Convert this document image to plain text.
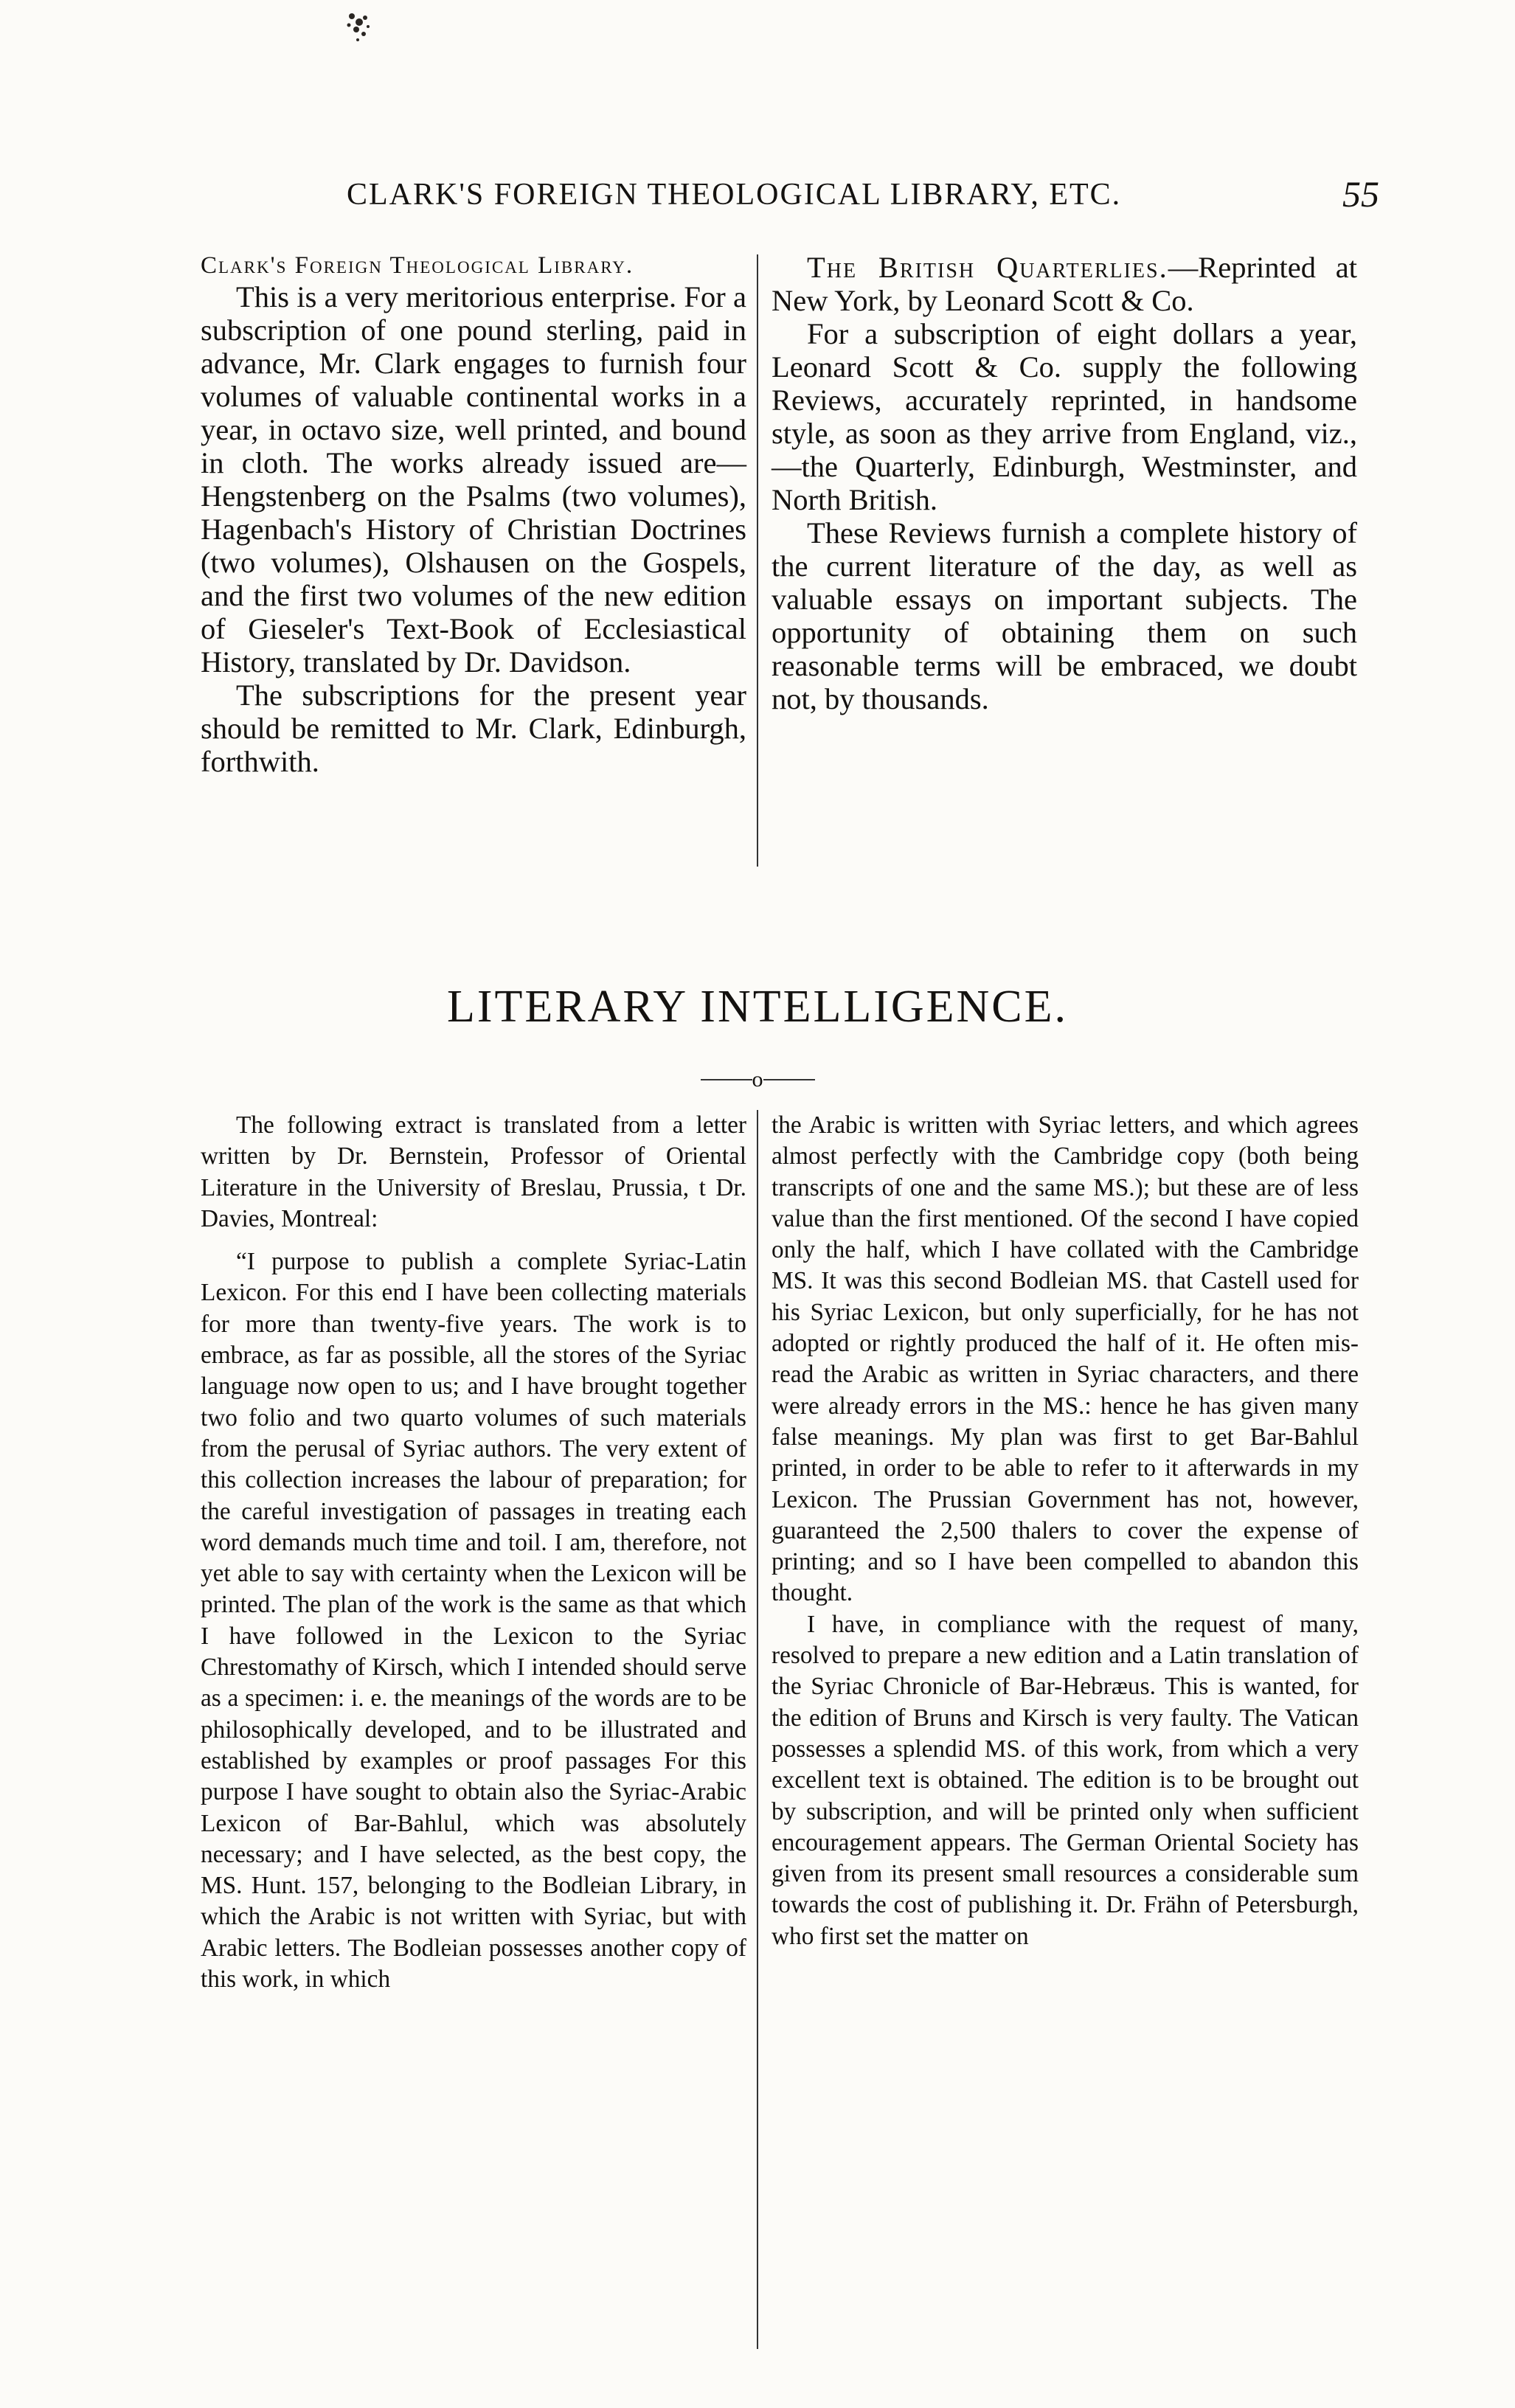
CLARK'S FOREIGN THEOLOGICAL LIBRARY, ETC.	55

Clark's Foreign Theological Library.

This is a very meritorious enterprise. For a subscription of one pound sterling, paid in advance, Mr. Clark engages to furnish four volumes of valuable continental works in a year, in octavo size, well printed, and bound in cloth. The works already issued are—Hengstenberg on the Psalms (two volumes), Hagenbach's History of Christian Doctrines (two volumes), Olshausen on the Gospels, and the first two volumes of the new edition of Gieseler's Text-Book of Ecclesiastical History, translated by Dr. Davidson.

The subscriptions for the present year should be remitted to Mr. Clark, Edinburgh, forthwith.

The British Quarterlies.—Reprinted at New York, by Leonard Scott & Co.

For a subscription of eight dollars a year, Leonard Scott & Co. supply the following Reviews, accurately reprinted, in handsome style, as soon as they arrive from England, viz.,—the Quarterly, Edinburgh, Westminster, and North British.

These Reviews furnish a complete history of the current literature of the day, as well as valuable essays on important subjects. The opportunity of obtaining them on such reasonable terms will be embraced, we doubt not, by thousands.

LITERARY INTELLIGENCE.
o

The following extract is translated from a letter written by Dr. Bernstein, Professor of Oriental Literature in the University of Breslau, Prussia, t Dr. Davies, Montreal:

“I purpose to publish a complete Syriac-Latin Lexicon. For this end I have been collecting materials for more than twenty-five years. The work is to embrace, as far as possible, all the stores of the Syriac language now open to us; and I have brought together two folio and two quarto volumes of such materials from the perusal of Syriac authors. The very extent of this collection increases the labour of preparation; for the careful investigation of passages in treating each word demands much time and toil. I am, therefore, not yet able to say with certainty when the Lexicon will be printed. The plan of the work is the same as that which I have followed in the Lexicon to the Syriac Chrestomathy of Kirsch, which I intended should serve as a specimen: i. e. the meanings of the words are to be philosophically developed, and to be illustrated and established by examples or proof passages For this purpose I have sought to obtain also the Syriac-Arabic Lexicon of Bar-Bahlul, which was absolutely necessary; and I have selected, as the best copy, the MS. Hunt. 157, belonging to the Bodleian Library, in which the Arabic is not written with Syriac, but with Arabic letters. The Bodleian possesses another copy of this work, in which

the Arabic is written with Syriac letters, and which agrees almost perfectly with the Cambridge copy (both being transcripts of one and the same MS.); but these are of less value than the first mentioned. Of the second I have copied only the half, which I have collated with the Cambridge MS. It was this second Bodleian MS. that Castell used for his Syriac Lexicon, but only superficially, for he has not adopted or rightly produced the half of it. He often mis-read the Arabic as written in Syriac characters, and there were already errors in the MS.: hence he has given many false meanings. My plan was first to get Bar-Bahlul printed, in order to be able to refer to it afterwards in my Lexicon. The Prussian Government has not, however, guaranteed the 2,500 thalers to cover the expense of printing; and so I have been compelled to abandon this thought.

I have, in compliance with the request of many, resolved to prepare a new edition and a Latin translation of the Syriac Chronicle of Bar-Hebræus. This is wanted, for the edition of Bruns and Kirsch is very faulty. The Vatican possesses a splendid MS. of this work, from which a very excellent text is obtained. The edition is to be brought out by subscription, and will be printed only when sufficient encouragement appears. The German Oriental Society has given from its present small resources a considerable sum towards the cost of publishing it. Dr. Frähn of Petersburgh, who first set the matter on
